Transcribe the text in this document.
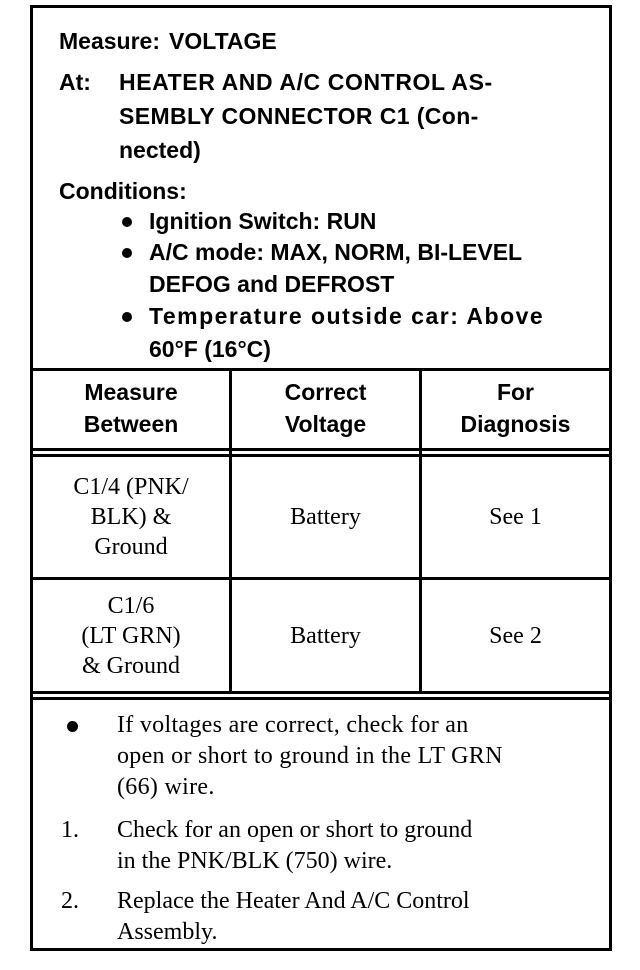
Measure: VOLTAGE
At: HEATER AND A/C CONTROL AS-
SEMBLY CONNECTOR C1 (Con-
nected)
Conditions:
Ignition Switch: RUN
A/C mode: MAX, NORM, BI-LEVEL
DEFOG and DEFROST
Temperature outside car: Above
60°F (16°C)
Measure
Between
Correct
Voltage
For
Diagnosis
C1/4 (PNK/
BLK) &
Ground
Battery	See 1
C1/6
(LT GRN)
& Ground
Battery	See 2
If voltages are correct, check for an
open or short to ground in the LT GRN
(66) wire.
1. Check for an open or short to ground
in the PNK/BLK (750) wire.
2. Replace the Heater And A/C Control
Assembly.
